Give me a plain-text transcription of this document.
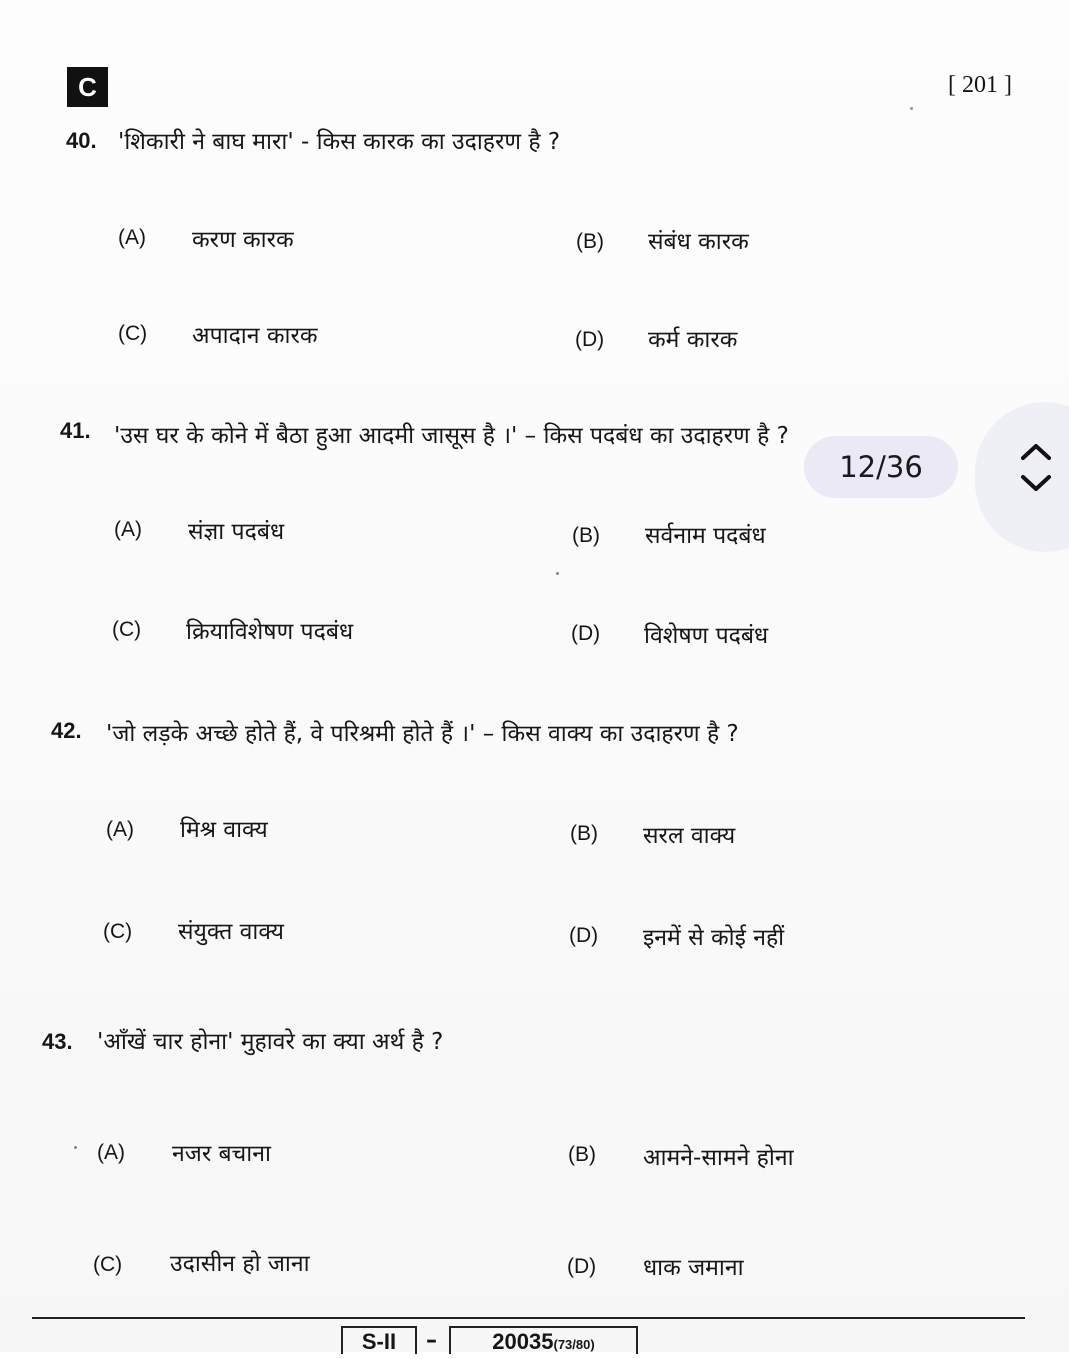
C	[ 201 ]
40. 'शिकारी ने बाघ मारा' - किस कारक का उदाहरण है ?
(A) करण कारक	(B) संबंध कारक
(C) अपादान कारक	(D) कर्म कारक
41. 'उस घर के कोने में बैठा हुआ आदमी जासूस है ।' – किस पदबंध का उदाहरण है ?
(A) संज्ञा पदबंध	(B) सर्वनाम पदबंध
(C) क्रियाविशेषण पदबंध	(D) विशेषण पदबंध
42. 'जो लड़के अच्छे होते हैं, वे परिश्रमी होते हैं ।' – किस वाक्य का उदाहरण है ?
(A) मिश्र वाक्य	(B) सरल वाक्य
(C) संयुक्त वाक्य	(D) इनमें से कोई नहीं
43. 'आँखें चार होना' मुहावरे का क्या अर्थ है ?
(A) नजर बचाना	(B) आमने-सामने होना
(C) उदासीन हो जाना	(D) धाक जमाना
S-II	–	20035(73/80)
12/36
